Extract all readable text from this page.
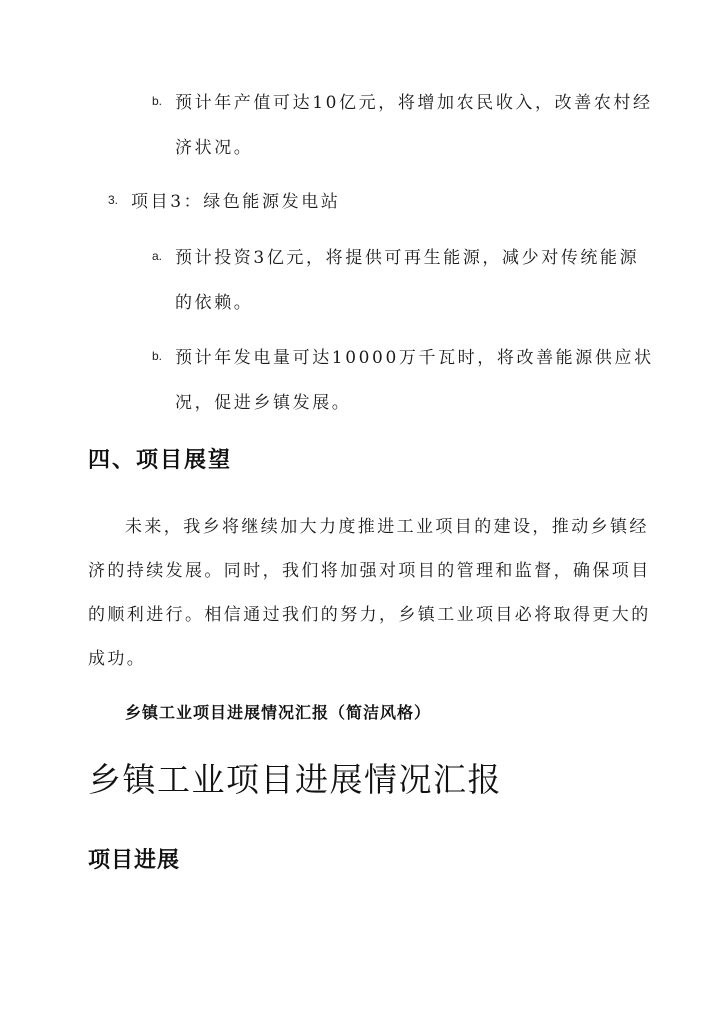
b. 预计年产值可达10亿元，将增加农民收入，改善农村经
济状况。
3. 项目3：绿色能源发电站
a. 预计投资3亿元，将提供可再生能源，减少对传统能源
的依赖。
b. 预计年发电量可达10000万千瓦时，将改善能源供应状
况，促进乡镇发展。
四、项目展望
未来，我乡将继续加大力度推进工业项目的建设，推动乡镇经
济的持续发展。同时，我们将加强对项目的管理和监督，确保项目
的顺利进行。相信通过我们的努力，乡镇工业项目必将取得更大的
成功。
乡镇工业项目进展情况汇报（简洁风格）
乡镇工业项目进展情况汇报
项目进展
